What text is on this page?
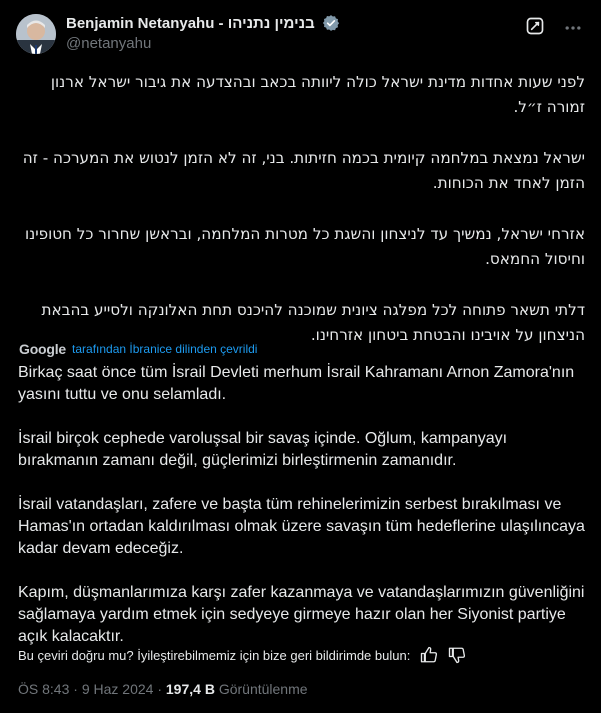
Benjamin Netanyahu - בנימין נתניהו
@netanyahu

לפני שעות אחדות מדינת ישראל כולה ליוותה בכאב ובהצדעה את גיבור ישראל ארנון זמורה ז״ל.

ישראל נמצאת במלחמה קיומית בכמה חזיתות. בני, זה לא הזמן לנטוש את המערכה - זה הזמן לאחד את הכוחות.

אזרחי ישראל, נמשיך עד לניצחון והשגת כל מטרות המלחמה, ובראשן שחרור כל חטופינו וחיסול החמאס.

דלתי תשאר פתוחה לכל מפלגה ציונית שמוכנה להיכנס תחת האלונקה ולסייע בהבאת הניצחון על אויבינו והבטחת ביטחון אזרחינו.

Google tarafından İbranice dilinden çevrildi

Birkaç saat önce tüm İsrail Devleti merhum İsrail Kahramanı Arnon Zamora'nın yasını tuttu ve onu selamladı.

İsrail birçok cephede varoluşsal bir savaş içinde. Oğlum, kampanyayı bırakmanın zamanı değil, güçlerimizi birleştirmenin zamanıdır.

İsrail vatandaşları, zafere ve başta tüm rehinelerimizin serbest bırakılması ve Hamas'ın ortadan kaldırılması olmak üzere savaşın tüm hedeflerine ulaşılıncaya kadar devam edeceğiz.

Kapım, düşmanlarımıza karşı zafer kazanmaya ve vatandaşlarımızın güvenliğini sağlamaya yardım etmek için sedyeye girmeye hazır olan her Siyonist partiye açık kalacaktır.

Bu çeviri doğru mu? İyileştirebilmemiz için bize geri bildirimde bulun:
ÖS 8:43 · 9 Haz 2024 · 197,4 B Görüntülenme
